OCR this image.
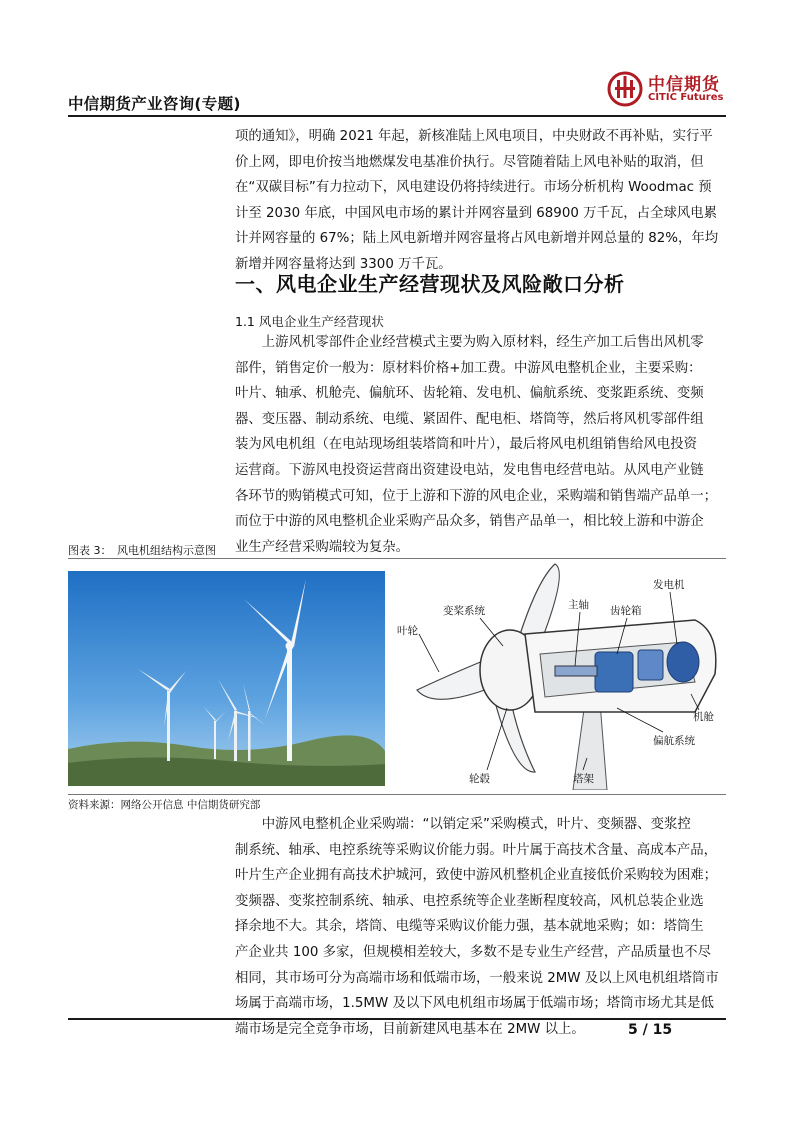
中信期货产业咨询(专题)
中信期货
CITIC Futures
项的通知》，明确 2021 年起，新核准陆上风电项目，中央财政不再补贴，实行平
价上网，即电价按当地燃煤发电基准价执行。尽管随着陆上风电补贴的取消，但
在“双碳目标”有力拉动下，风电建设仍将持续进行。市场分析机构 Woodmac 预
计至 2030 年底，中国风电市场的累计并网容量到 68900 万千瓦，占全球风电累
计并网容量的 67%；陆上风电新增并网容量将占风电新增并网总量的 82%，年均
新增并网容量将达到 3300 万千瓦。
一、风电企业生产经营现状及风险敞口分析
1.1 风电企业生产经营现状
　　上游风机零部件企业经营模式主要为购入原材料，经生产加工后售出风机零
部件，销售定价一般为：原材料价格+加工费。中游风电整机企业，主要采购：
叶片、轴承、机舱壳、偏航环、齿轮箱、发电机、偏航系统、变浆距系统、变频
器、变压器、制动系统、电缆、紧固件、配电柜、塔筒等，然后将风机零部件组
装为风电机组（在电站现场组装塔筒和叶片），最后将风电机组销售给风电投资
运营商。下游风电投资运营商出资建设电站，发电售电经营电站。从风电产业链
各环节的购销模式可知，位于上游和下游的风电企业，采购端和销售端产品单一；
而位于中游的风电整机企业采购产品众多，销售产品单一，相比较上游和中游企
业生产经营采购端较为复杂。
图表 3：　风电机组结构示意图
叶轮
变桨系统	主轴 齿轮箱
发电机
机舱
偏航系统
轮毂	塔架
资料来源：网络公开信息 中信期货研究部
　　中游风电整机企业采购端：“以销定采”采购模式，叶片、变频器、变浆控
制系统、轴承、电控系统等采购议价能力弱。叶片属于高技术含量、高成本产品，
叶片生产企业拥有高技术护城河，致使中游风机整机企业直接低价采购较为困难；
变频器、变浆控制系统、轴承、电控系统等企业垄断程度较高，风机总装企业选
择余地不大。其余，塔筒、电缆等采购议价能力强，基本就地采购；如：塔筒生
产企业共 100 多家，但规模相差较大，多数不是专业生产经营，产品质量也不尽
相同，其市场可分为高端市场和低端市场，一般来说 2MW 及以上风电机组塔筒市
场属于高端市场，1.5MW 及以下风电机组市场属于低端市场；塔筒市场尤其是低
端市场是完全竞争市场，目前新建风电基本在 2MW 以上。	5 / 15
